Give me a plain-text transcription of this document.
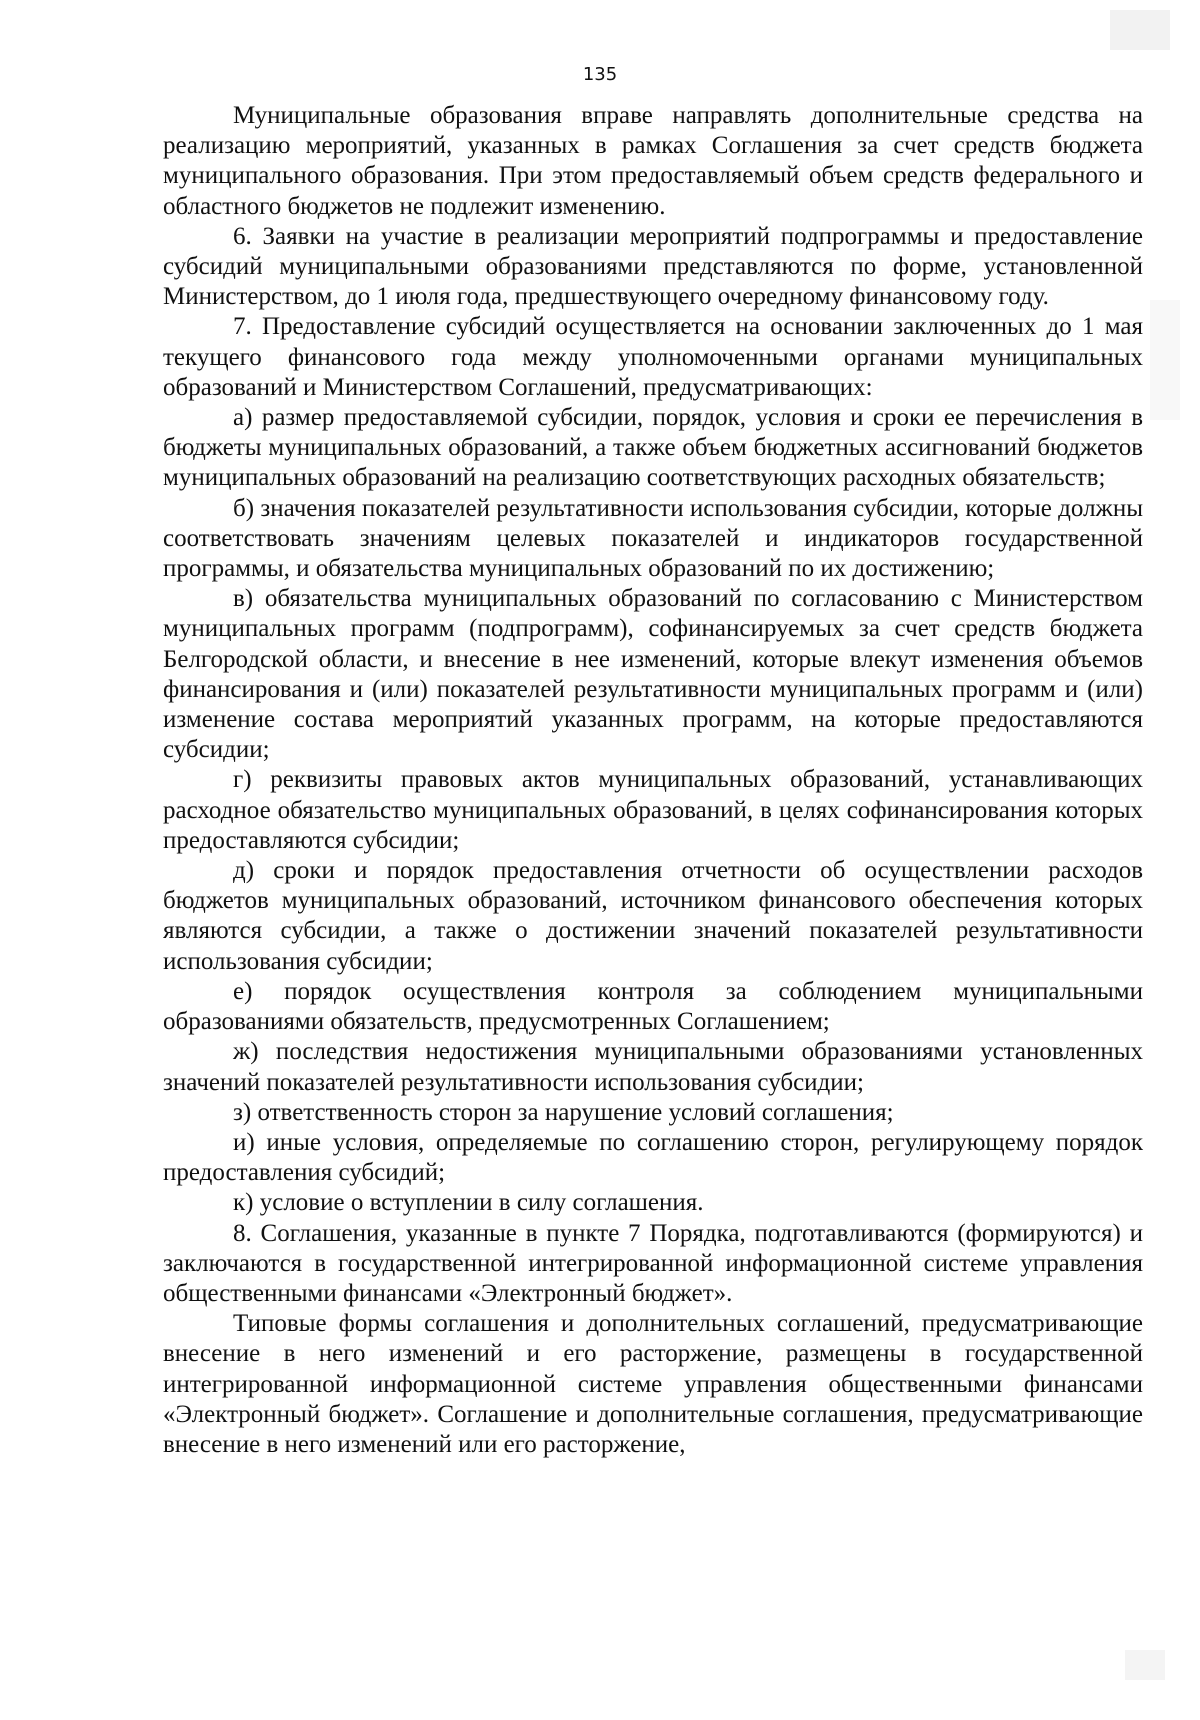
135

Муниципальные образования вправе направлять дополнительные средства на реализацию мероприятий, указанных в рамках Соглашения за счет средств бюджета муниципального образования. При этом предоставляемый объем средств федерального и областного бюджетов не подлежит изменению.

6. Заявки на участие в реализации мероприятий подпрограммы и предоставление субсидий муниципальными образованиями представляются по форме, установленной Министерством, до 1 июля года, предшествующего очередному финансовому году.

7. Предоставление субсидий осуществляется на основании заключенных до 1 мая текущего финансового года между уполномоченными органами муниципальных образований и Министерством Соглашений, предусматривающих:

а) размер предоставляемой субсидии, порядок, условия и сроки ее перечисления в бюджеты муниципальных образований, а также объем бюджетных ассигнований бюджетов муниципальных образований на реализацию соответствующих расходных обязательств;

б) значения показателей результативности использования субсидии, которые должны соответствовать значениям целевых показателей и индикаторов государственной программы, и обязательства муниципальных образований по их достижению;

в) обязательства муниципальных образований по согласованию с Министерством муниципальных программ (подпрограмм), софинансируемых за счет средств бюджета Белгородской области, и внесение в нее изменений, которые влекут изменения объемов финансирования и (или) показателей результативности муниципальных программ и (или) изменение состава мероприятий указанных программ, на которые предоставляются субсидии;

г) реквизиты правовых актов муниципальных образований, устанавливающих расходное обязательство муниципальных образований, в целях софинансирования которых предоставляются субсидии;

д) сроки и порядок предоставления отчетности об осуществлении расходов бюджетов муниципальных образований, источником финансового обеспечения которых являются субсидии, а также о достижении значений показателей результативности использования субсидии;

е) порядок осуществления контроля за соблюдением муниципальными образованиями обязательств, предусмотренных Соглашением;

ж) последствия недостижения муниципальными образованиями установленных значений показателей результативности использования субсидии;

з) ответственность сторон за нарушение условий соглашения;

и) иные условия, определяемые по соглашению сторон, регулирующему порядок предоставления субсидий;

к) условие о вступлении в силу соглашения.

8. Соглашения, указанные в пункте 7 Порядка, подготавливаются (формируются) и заключаются в государственной интегрированной информационной системе управления общественными финансами «Электронный бюджет».

Типовые формы соглашения и дополнительных соглашений, предусматривающие внесение в него изменений и его расторжение, размещены в государственной интегрированной информационной системе управления общественными финансами «Электронный бюджет». Соглашение и дополнительные соглашения, предусматривающие внесение в него изменений или его расторжение,
